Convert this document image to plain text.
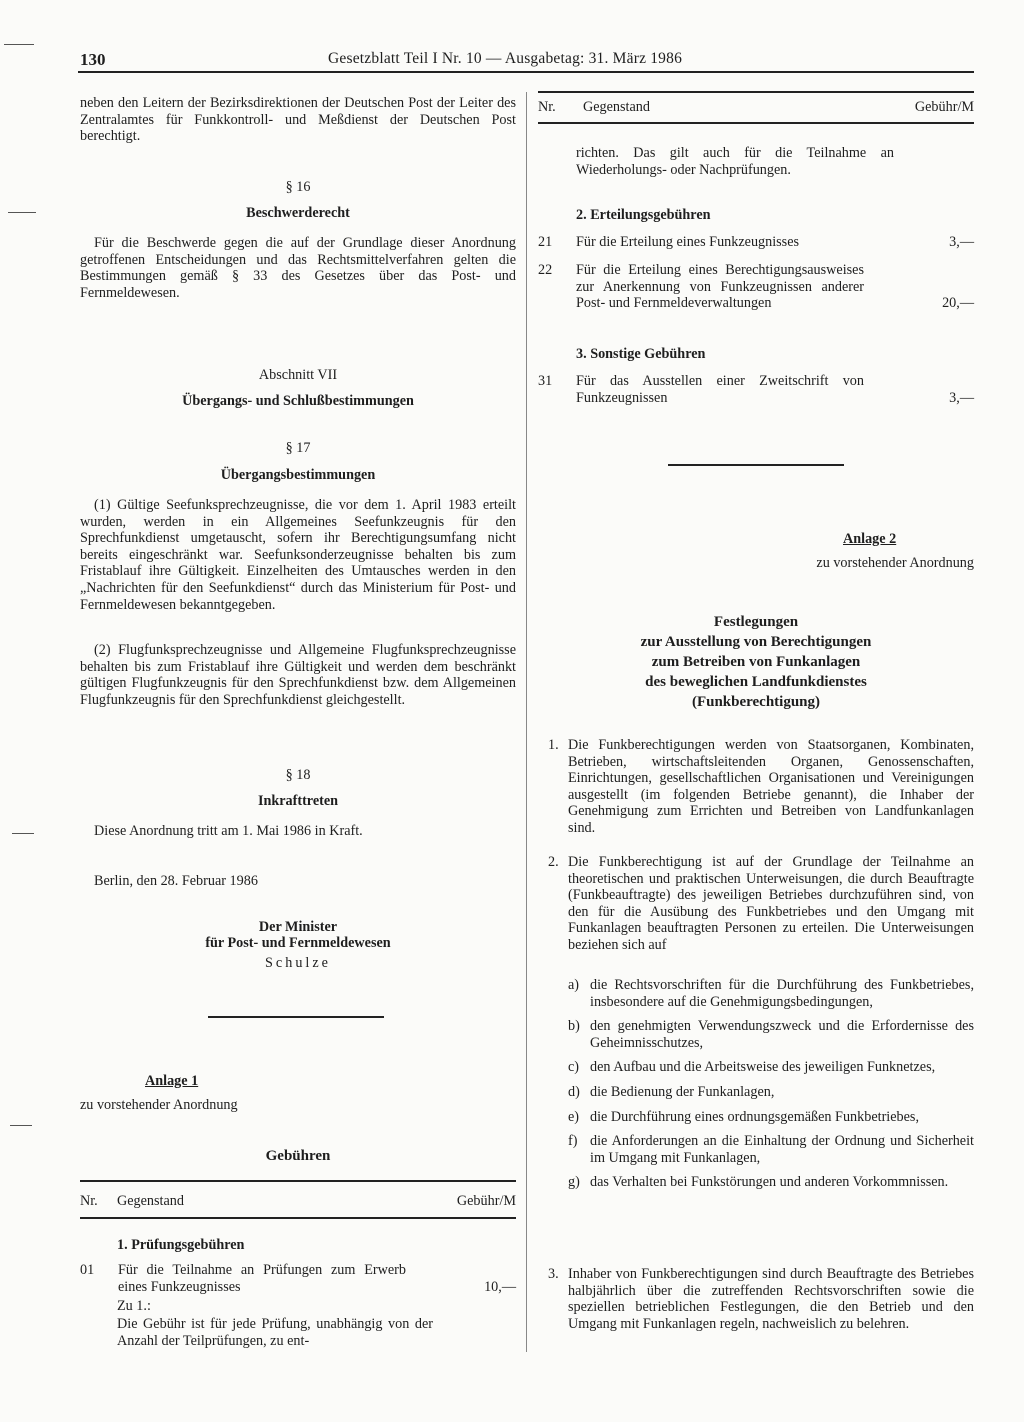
130	Gesetzblatt Teil I Nr. 10 — Ausgabetag: 31. März 1986
neben den Leitern der Bezirksdirektionen der Deutschen Post der Leiter des Zentralamtes für Funkkontroll- und Meßdienst der Deutschen Post berechtigt.
§ 16
Beschwerderecht
Für die Beschwerde gegen die auf der Grundlage dieser Anordnung getroffenen Entscheidungen und das Rechtsmittelverfahren gelten die Bestimmungen gemäß § 33 des Gesetzes über das Post- und Fernmeldewesen.
Abschnitt VII
Übergangs- und Schlußbestimmungen
§ 17
Übergangsbestimmungen
(1) Gültige Seefunksprechzeugnisse, die vor dem 1. April 1983 erteilt wurden, werden in ein Allgemeines Seefunkzeugnis für den Sprechfunkdienst umgetauscht, sofern ihr Berechtigungsumfang nicht bereits eingeschränkt war. Seefunksonderzeugnisse behalten bis zum Fristablauf ihre Gültigkeit. Einzelheiten des Umtausches werden in den „Nachrichten für den Seefunkdienst“ durch das Ministerium für Post- und Fernmeldewesen bekanntgegeben.
(2) Flugfunksprechzeugnisse und Allgemeine Flugfunksprechzeugnisse behalten bis zum Fristablauf ihre Gültigkeit und werden dem beschränkt gültigen Flugfunkzeugnis für den Sprechfunkdienst bzw. dem Allgemeinen Flugfunkzeugnis für den Sprechfunkdienst gleichgestellt.
§ 18
Inkrafttreten
Diese Anordnung tritt am 1. Mai 1986 in Kraft.
Berlin, den 28. Februar 1986
Der Minister
für Post- und Fernmeldewesen
Schulze
Anlage 1
zu vorstehender Anordnung
Gebühren
Nr. Gegenstand	Gebühr/M
1. Prüfungsgebühren
01	Für die Teilnahme an Prüfungen zum Erwerb eines Funkzeugnisses	10,—
Zu 1.:
Die Gebühr ist für jede Prüfung, unabhängig von der Anzahl der Teilprüfungen, zu ent-
Nr. Gegenstand	Gebühr/M
richten. Das gilt auch für die Teilnahme an Wiederholungs- oder Nachprüfungen.
2. Erteilungsgebühren
21	Für die Erteilung eines Funkzeugnisses	3,—
22	Für die Erteilung eines Berechtigungsausweises zur Anerkennung von Funkzeugnissen anderer Post- und Fernmeldeverwaltungen	20,—
3. Sonstige Gebühren
31	Für das Ausstellen einer Zweitschrift von Funkzeugnissen	3,—
Anlage 2
zu vorstehender Anordnung
Festlegungen
zur Ausstellung von Berechtigungen
zum Betreiben von Funkanlagen
des beweglichen Landfunkdienstes
(Funkberechtigung)
1. Die Funkberechtigungen werden von Staatsorganen, Kombinaten, Betrieben, wirtschaftsleitenden Organen, Genossenschaften, Einrichtungen, gesellschaftlichen Organisationen und Vereinigungen ausgestellt (im folgenden Betriebe genannt), die Inhaber der Genehmigung zum Errichten und Betreiben von Landfunkanlagen sind.
2. Die Funkberechtigung ist auf der Grundlage der Teilnahme an theoretischen und praktischen Unterweisungen, die durch Beauftragte (Funkbeauftragte) des jeweiligen Betriebes durchzuführen sind, von den für die Ausübung des Funkbetriebes und den Umgang mit Funkanlagen beauftragten Personen zu erteilen. Die Unterweisungen beziehen sich auf
a) die Rechtsvorschriften für die Durchführung des Funkbetriebes, insbesondere auf die Genehmigungsbedingungen,
b) den genehmigten Verwendungszweck und die Erfordernisse des Geheimnisschutzes,
c) den Aufbau und die Arbeitsweise des jeweiligen Funknetzes,
d) die Bedienung der Funkanlagen,
e) die Durchführung eines ordnungsgemäßen Funkbetriebes,
f) die Anforderungen an die Einhaltung der Ordnung und Sicherheit im Umgang mit Funkanlagen,
g) das Verhalten bei Funkstörungen und anderen Vorkommnissen.
3. Inhaber von Funkberechtigungen sind durch Beauftragte des Betriebes halbjährlich über die zutreffenden Rechtsvorschriften sowie die speziellen betrieblichen Festlegungen, die den Betrieb und den Umgang mit Funkanlagen regeln, nachweislich zu belehren.
